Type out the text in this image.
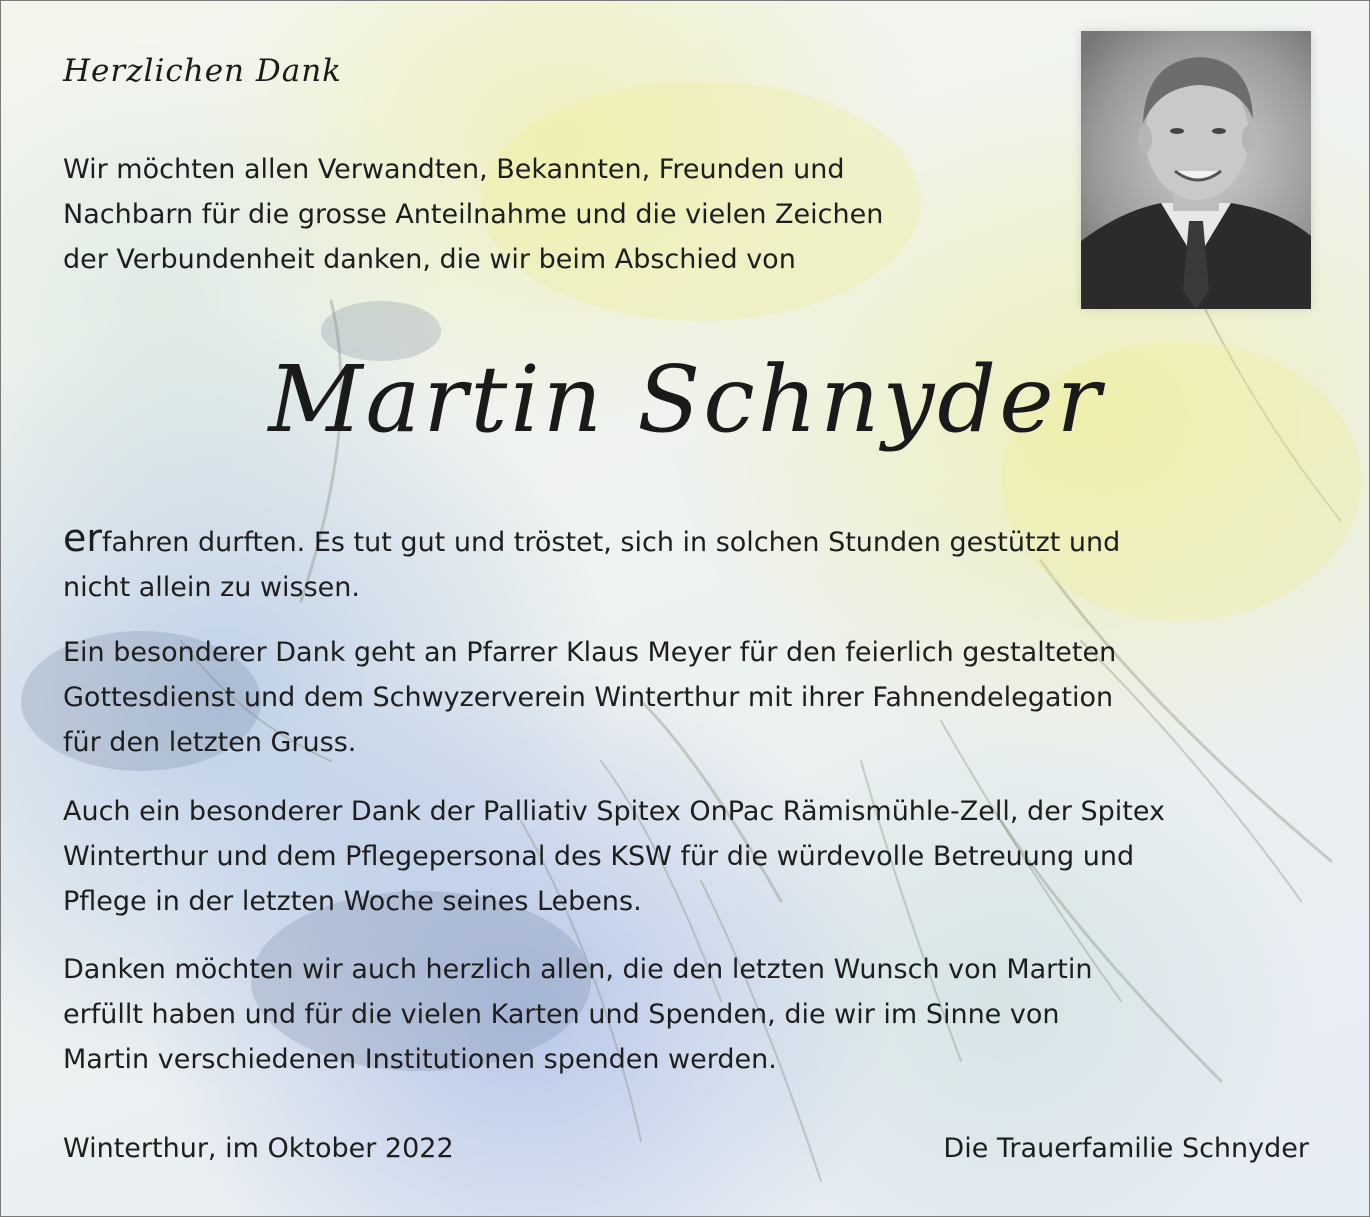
Herzlichen Dank

Wir möchten allen Verwandten, Bekannten, Freunden und
Nachbarn für die grosse Anteilnahme und die vielen Zeichen
der Verbundenheit danken, die wir beim Abschied von

Martin Schnyder

erfahren durften. Es tut gut und tröstet, sich in solchen Stunden gestützt und
nicht allein zu wissen.

Ein besonderer Dank geht an Pfarrer Klaus Meyer für den feierlich gestalteten
Gottesdienst und dem Schwyzerverein Winterthur mit ihrer Fahnendelegation
für den letzten Gruss.

Auch ein besonderer Dank der Palliativ Spitex OnPac Rämismühle-Zell, der Spitex
Winterthur und dem Pflegepersonal des KSW für die würdevolle Betreuung und
Pflege in der letzten Woche seines Lebens.

Danken möchten wir auch herzlich allen, die den letzten Wunsch von Martin
erfüllt haben und für die vielen Karten und Spenden, die wir im Sinne von
Martin verschiedenen Institutionen spenden werden.

Winterthur, im Oktober 2022	Die Trauerfamilie Schnyder
